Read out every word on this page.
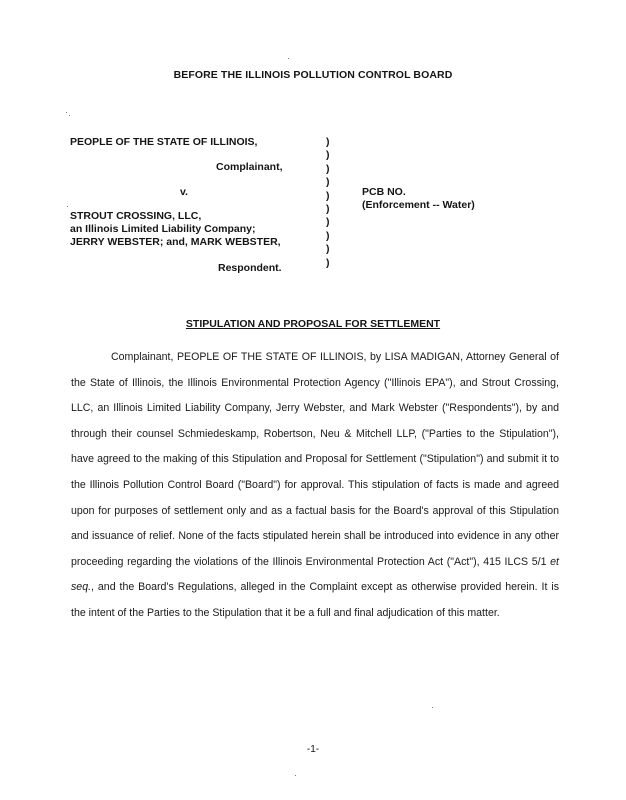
BEFORE THE ILLINOIS POLLUTION CONTROL BOARD
PEOPLE OF THE STATE OF ILLINOIS,
Complainant,
v.
STROUT CROSSING, LLC,
an Illinois Limited Liability Company;
JERRY WEBSTER; and, MARK WEBSTER,
Respondent.
)
)
)
)
)
)
)
)
)
)
PCB NO.
(Enforcement -- Water)
STIPULATION AND PROPOSAL FOR SETTLEMENT

Complainant, PEOPLE OF THE STATE OF ILLINOIS, by LISA MADIGAN, Attorney General of the State of Illinois, the Illinois Environmental Protection Agency ("Illinois EPA"), and Strout Crossing, LLC, an Illinois Limited Liability Company, Jerry Webster, and Mark Webster ("Respondents"), by and through their counsel Schmiedeskamp, Robertson, Neu & Mitchell LLP, ("Parties to the Stipulation"), have agreed to the making of this Stipulation and Proposal for Settlement ("Stipulation") and submit it to the Illinois Pollution Control Board ("Board") for approval. This stipulation of facts is made and agreed upon for purposes of settlement only and as a factual basis for the Board's approval of this Stipulation and issuance of relief. None of the facts stipulated herein shall be introduced into evidence in any other proceeding regarding the violations of the Illinois Environmental Protection Act ("Act"), 415 ILCS 5/1 et seq., and the Board's Regulations, alleged in the Complaint except as otherwise provided herein. It is the intent of the Parties to the Stipulation that it be a full and final adjudication of this matter.

-1-
